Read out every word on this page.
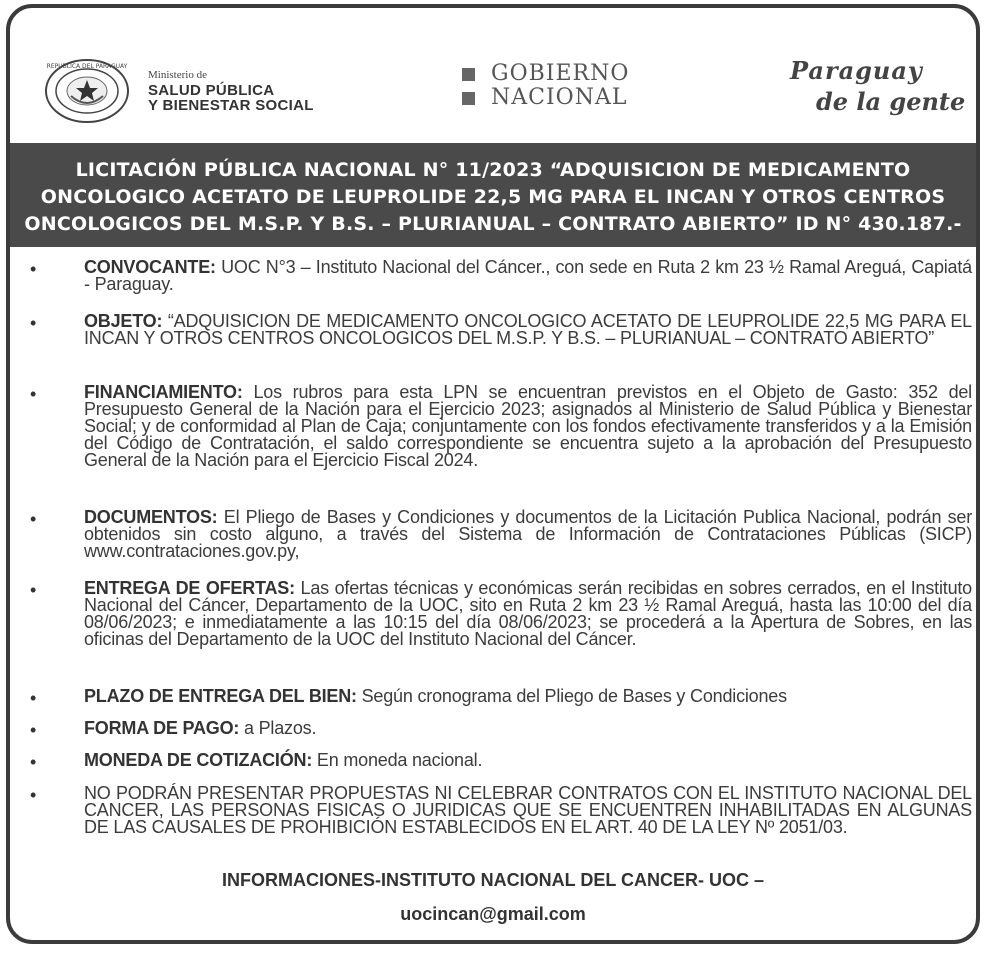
REPUBLICA DEL PARAGUAY
Ministerio de
SALUD PÚBLICA
Y BIENESTAR SOCIAL
GOBIERNO
NACIONAL
Paraguay
de la gente
LICITACIÓN PÚBLICA NACIONAL N° 11/2023 “ADQUISICION DE MEDICAMENTO ONCOLOGICO ACETATO DE LEUPROLIDE 22,5 MG PARA EL INCAN Y OTROS CENTROS ONCOLOGICOS DEL M.S.P. Y B.S. – PLURIANUAL – CONTRATO ABIERTO” ID N° 430.187.-
•	CONVOCANTE: UOC N°3 – Instituto Nacional del Cáncer., con sede en Ruta 2 km 23 ½ Ramal Areguá, Capiatá - Paraguay.
•	OBJETO: “ADQUISICION DE MEDICAMENTO ONCOLOGICO ACETATO DE LEUPROLIDE 22,5 MG PARA EL INCAN Y OTROS CENTROS ONCOLOGICOS DEL M.S.P. Y B.S. – PLURIANUAL – CONTRATO ABIERTO”
•	FINANCIAMIENTO: Los rubros para esta LPN se encuentran previstos en el Objeto de Gasto: 352 del Presupuesto General de la Nación para el Ejercicio 2023; asignados al Ministerio de Salud Pública y Bienestar Social; y de conformidad al Plan de Caja; conjuntamente con los fondos efectivamente transferidos y a la Emisión del Código de Contratación, el saldo correspondiente se encuentra sujeto a la aprobación del Presupuesto General de la Nación para el Ejercicio Fiscal 2024.
•	DOCUMENTOS: El Pliego de Bases y Condiciones y documentos de la Licitación Publica Nacional, podrán ser obtenidos sin costo alguno, a través del Sistema de Información de Contrataciones Públicas (SICP) www.contrataciones.gov.py,
•	ENTREGA DE OFERTAS: Las ofertas técnicas y económicas serán recibidas en sobres cerrados, en el Instituto Nacional del Cáncer, Departamento de la UOC, sito en Ruta 2 km 23 ½ Ramal Areguá, hasta las 10:00 del día 08/06/2023; e inmediatamente a las 10:15 del día 08/06/2023; se procederá a la Apertura de Sobres, en las oficinas del Departamento de la UOC del Instituto Nacional del Cáncer.
•	PLAZO DE ENTREGA DEL BIEN: Según cronograma del Pliego de Bases y Condiciones
•	FORMA DE PAGO: a Plazos.
•	MONEDA DE COTIZACIÓN: En moneda nacional.
•	NO PODRÁN PRESENTAR PROPUESTAS NI CELEBRAR CONTRATOS CON EL INSTITUTO NACIONAL DEL CANCER, LAS PERSONAS FISICAS O JURIDICAS QUE SE ENCUENTREN INHABILITADAS EN ALGUNAS DE LAS CAUSALES DE PROHIBICIÓN ESTABLECIDOS EN EL ART. 40 DE LA LEY Nº 2051/03.
INFORMACIONES-INSTITUTO NACIONAL DEL CANCER- UOC –
uocincan@gmail.com
